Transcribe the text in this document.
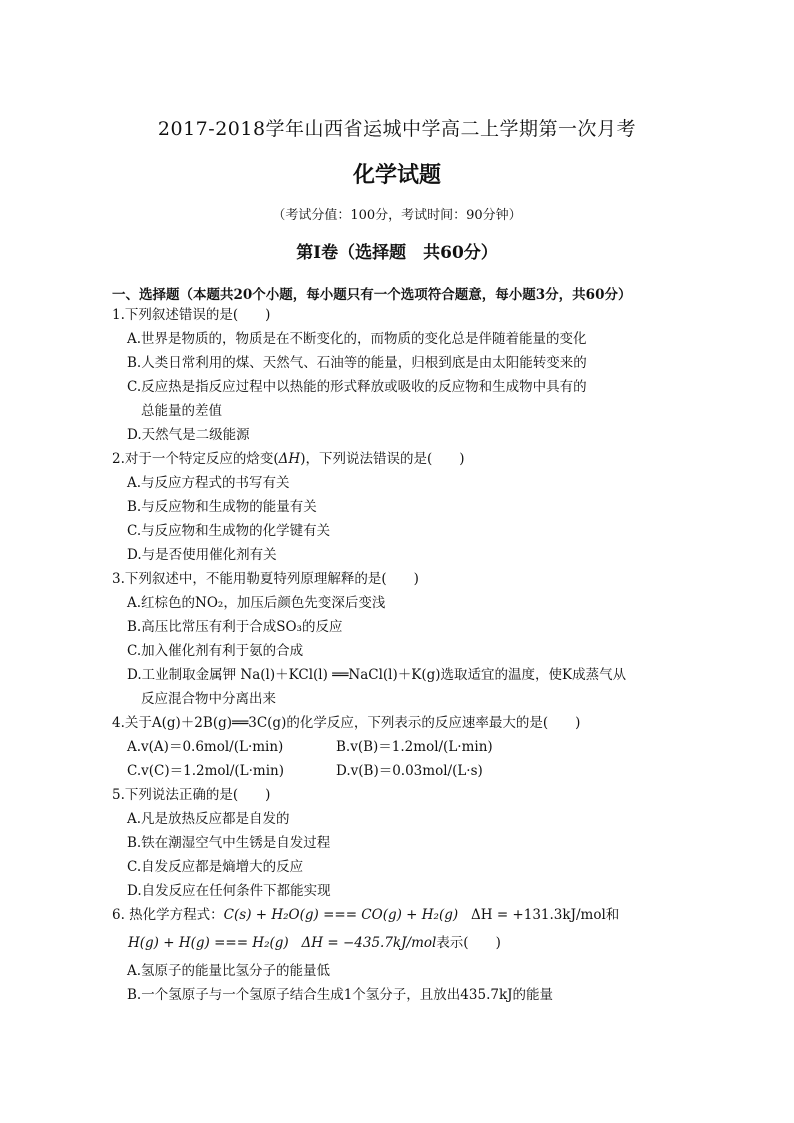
2017-2018学年山西省运城中学高二上学期第一次月考
化学试题
（考试分值：100分，考试时间：90分钟）
第Ⅰ卷（选择题　共60分）
一、选择题（本题共20个小题，每小题只有一个选项符合题意，每小题3分，共60分）
1.下列叙述错误的是(　　)
A.世界是物质的，物质是在不断变化的，而物质的变化总是伴随着能量的变化
B.人类日常利用的煤、天然气、石油等的能量，归根到底是由太阳能转变来的
C.反应热是指反应过程中以热能的形式释放或吸收的反应物和生成物中具有的
总能量的差值
D.天然气是二级能源
2.对于一个特定反应的焓变(ΔH)，下列说法错误的是(　　)
A.与反应方程式的书写有关
B.与反应物和生成物的能量有关
C.与反应物和生成物的化学键有关
D.与是否使用催化剂有关
3.下列叙述中，不能用勒夏特列原理解释的是(　　)
A.红棕色的NO₂，加压后颜色先变深后变浅
B.高压比常压有利于合成SO₃的反应
C.加入催化剂有利于氨的合成
D.工业制取金属钾 Na(l)＋KCl(l) ══NaCl(l)＋K(g)选取适宜的温度，使K成蒸气从
反应混合物中分离出来
4.关于A(g)＋2B(g)══3C(g)的化学反应，下列表示的反应速率最大的是(　　)
A.v(A)＝0.6mol/(L·min)	B.v(B)＝1.2mol/(L·min)
C.v(C)＝1.2mol/(L·min)	D.v(B)＝0.03mol/(L·s)
5.下列说法正确的是(　　)
A.凡是放热反应都是自发的
B.铁在潮湿空气中生锈是自发过程
C.自发反应都是熵增大的反应
D.自发反应在任何条件下都能实现
6. 热化学方程式：C(s) + H₂O(g) === CO(g) + H₂(g) ΔH = +131.3kJ/mol和
H(g) + H(g) === H₂(g) ΔH = −435.7kJ/mol表示(　　)
A.氢原子的能量比氢分子的能量低
B.一个氢原子与一个氢原子结合生成1个氢分子，且放出435.7kJ的能量
